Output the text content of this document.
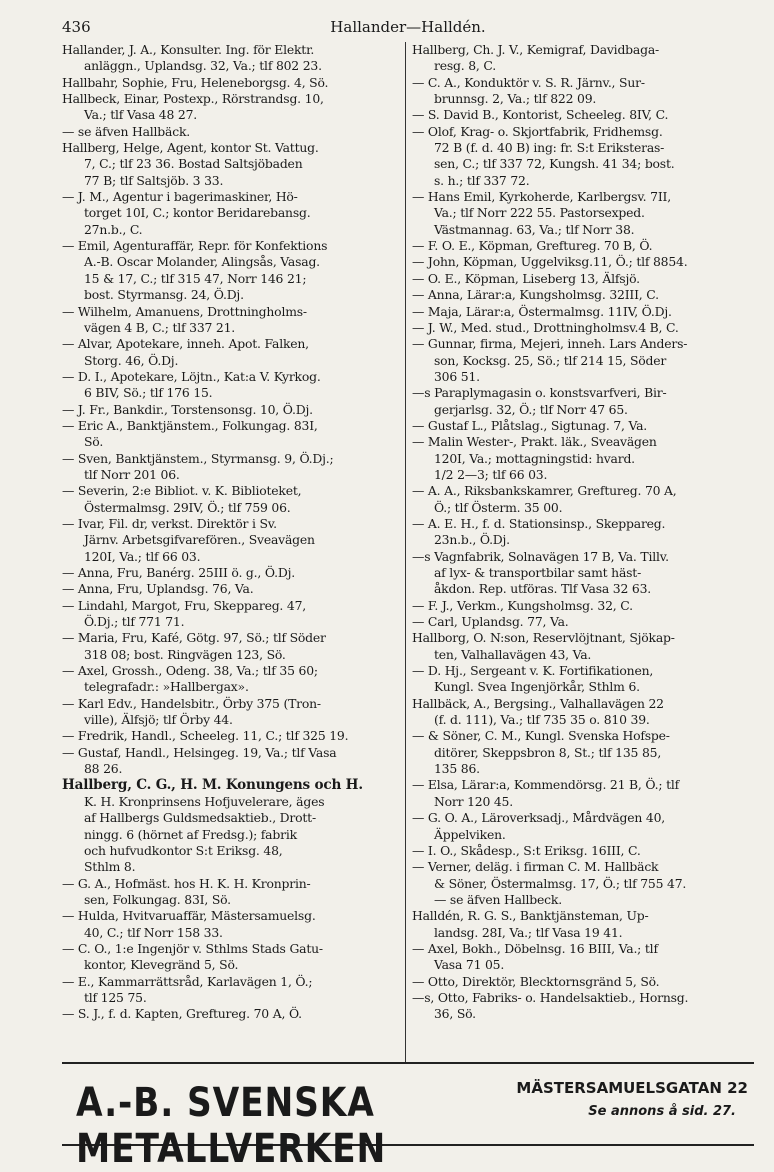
436	Hallander—Halldén.
Hallander, J. A., Konsulter. Ing. för Elektr.
anläggn., Uplandsg. 32, Va.; tlf 802 23.
Hallbahr, Sophie, Fru, Heleneborgsg. 4, Sö.
Hallbeck, Einar, Postexp., Rörstrandsg. 10,
Va.; tlf Vasa 48 27.
— se äfven Hallbäck.
Hallberg, Helge, Agent, kontor St. Vattug.
7, C.; tlf 23 36. Bostad Saltsjöbaden
77 B; tlf Saltsjöb. 3 33.
— J. M., Agentur i bagerimaskiner, Hö-
torget 10I, C.; kontor Beridarebansg.
27n.b., C.
— Emil, Agenturaffär, Repr. för Konfektions
A.-B. Oscar Molander, Alingsås, Vasag.
15 & 17, C.; tlf 315 47, Norr 146 21;
bost. Styrmansg. 24, Ö.Dj.
— Wilhelm, Amanuens, Drottningholms-
vägen 4 B, C.; tlf 337 21.
— Alvar, Apotekare, inneh. Apot. Falken,
Storg. 46, Ö.Dj.
— D. I., Apotekare, Löjtn., Kat:a V. Kyrkog.
6 BIV, Sö.; tlf 176 15.
— J. Fr., Bankdir., Torstensonsg. 10, Ö.Dj.
— Eric A., Banktjänstem., Folkungag. 83I,
Sö.
— Sven, Banktjänstem., Styrmansg. 9, Ö.Dj.;
tlf Norr 201 06.
— Severin, 2:e Bibliot. v. K. Biblioteket,
Östermalmsg. 29IV, Ö.; tlf 759 06.
— Ivar, Fil. dr, verkst. Direktör i Sv.
Järnv. Arbetsgifvarefören., Sveavägen
120I, Va.; tlf 66 03.
— Anna, Fru, Banérg. 25III ö. g., Ö.Dj.
— Anna, Fru, Uplandsg. 76, Va.
— Lindahl, Margot, Fru, Skeppareg. 47,
Ö.Dj.; tlf 771 71.
— Maria, Fru, Kafé, Götg. 97, Sö.; tlf Söder
318 08; bost. Ringvägen 123, Sö.
— Axel, Grossh., Odeng. 38, Va.; tlf 35 60;
telegrafadr.: »Hallbergax».
— Karl Edv., Handelsbitr., Örby 375 (Tron-
ville), Älfsjö; tlf Örby 44.
— Fredrik, Handl., Scheeleg. 11, C.; tlf 325 19.
— Gustaf, Handl., Helsingeg. 19, Va.; tlf Vasa
88 26.
Hallberg, C. G., H. M. Konungens och H.
K. H. Kronprinsens Hofjuvelerare, äges
af Hallbergs Guldsmedsaktieb., Drott-
ningg. 6 (hörnet af Fredsg.); fabrik
och hufvudkontor S:t Eriksg. 48,
Sthlm 8.
— G. A., Hofmäst. hos H. K. H. Kronprin-
sen, Folkungag. 83I, Sö.
— Hulda, Hvitvaruaffär, Mästersamuelsg.
40, C.; tlf Norr 158 33.
— C. O., 1:e Ingenjör v. Sthlms Stads Gatu-
kontor, Klevegränd 5, Sö.
— E., Kammarrättsråd, Karlavägen 1, Ö.;
tlf 125 75.
— S. J., f. d. Kapten, Greftureg. 70 A, Ö.
Hallberg, Ch. J. V., Kemigraf, Davidbaga-
resg. 8, C.
— C. A., Konduktör v. S. R. Järnv., Sur-
brunnsg. 2, Va.; tlf 822 09.
— S. David B., Kontorist, Scheeleg. 8IV, C.
— Olof, Krag- o. Skjortfabrik, Fridhemsg.
72 B (f. d. 40 B) ing: fr. S:t Eriksteras-
sen, C.; tlf 337 72, Kungsh. 41 34; bost.
s. h.; tlf 337 72.
— Hans Emil, Kyrkoherde, Karlbergsv. 7II,
Va.; tlf Norr 222 55. Pastorsexped.
Västmannag. 63, Va.; tlf Norr 38.
— F. O. E., Köpman, Greftureg. 70 B, Ö.
— John, Köpman, Uggelviksg.11, Ö.; tlf 8854.
— O. E., Köpman, Liseberg 13, Älfsjö.
— Anna, Lärar:a, Kungsholmsg. 32III, C.
— Maja, Lärar:a, Östermalmsg. 11IV, Ö.Dj.
— J. W., Med. stud., Drottningholmsv.4 B, C.
— Gunnar, firma, Mejeri, inneh. Lars Anders-
son, Kocksg. 25, Sö.; tlf 214 15, Söder
306 51.
—s Paraplymagasin o. konstsvarfveri, Bir-
gerjarlsg. 32, Ö.; tlf Norr 47 65.
— Gustaf L., Plåtslag., Sigtunag. 7, Va.
— Malin Wester-, Prakt. läk., Sveavägen
120I, Va.; mottagningstid: hvard.
1/2 2—3; tlf 66 03.
— A. A., Riksbankskamrer, Greftureg. 70 A,
Ö.; tlf Österm. 35 00.
— A. E. H., f. d. Stationsinsp., Skeppareg.
23n.b., Ö.Dj.
—s Vagnfabrik, Solnavägen 17 B, Va. Tillv.
af lyx- & transportbilar samt häst-
åkdon. Rep. utföras. Tlf Vasa 32 63.
— F. J., Verkm., Kungsholmsg. 32, C.
— Carl, Uplandsg. 77, Va.
Hallborg, O. N:son, Reservlöjtnant, Sjökap-
ten, Valhallavägen 43, Va.
— D. Hj., Sergeant v. K. Fortifikationen,
Kungl. Svea Ingenjörkår, Sthlm 6.
Hallbäck, A., Bergsing., Valhallavägen 22
(f. d. 111), Va.; tlf 735 35 o. 810 39.
— & Söner, C. M., Kungl. Svenska Hofspe-
ditörer, Skeppsbron 8, St.; tlf 135 85,
135 86.
— Elsa, Lärar:a, Kommendörsg. 21 B, Ö.; tlf
Norr 120 45.
— G. O. A., Läroverksadj., Mårdvägen 40,
Äppelviken.
— I. O., Skådesp., S:t Eriksg. 16III, C.
— Verner, deläg. i firman C. M. Hallbäck
& Söner, Östermalmsg. 17, Ö.; tlf 755 47.
— se äfven Hallbeck.
Halldén, R. G. S., Banktjänsteman, Up-
landsg. 28I, Va.; tlf Vasa 19 41.
— Axel, Bokh., Döbelnsg. 16 BIII, Va.; tlf
Vasa 71 05.
— Otto, Direktör, Blecktornsgränd 5, Sö.
—s, Otto, Fabriks- o. Handelsaktieb., Hornsg.
36, Sö.
A.-B. SVENSKA METALLVERKEN
MÄSTERSAMUELSGATAN 22
Se annons å sid. 27.
